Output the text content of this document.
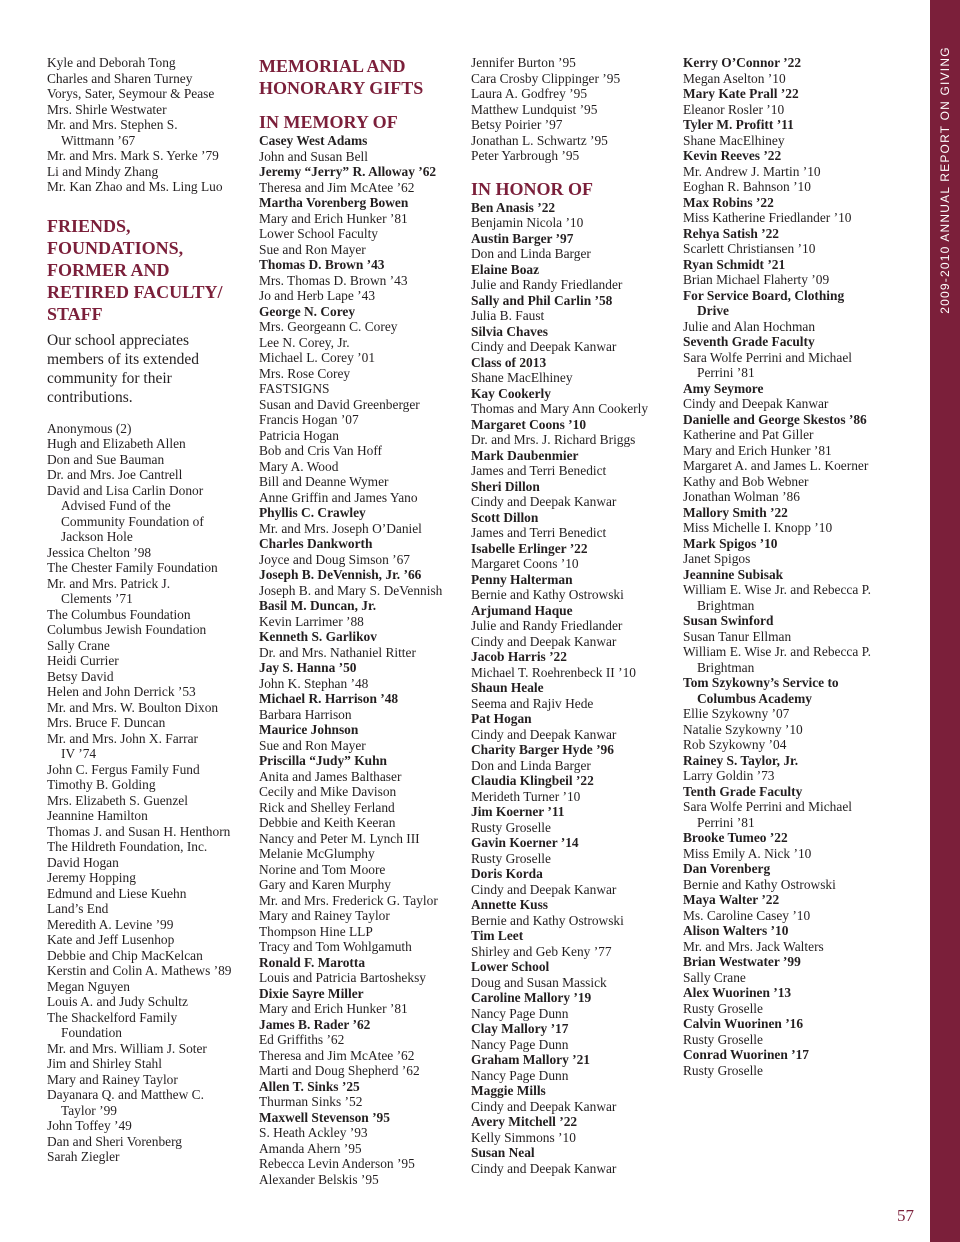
Kyle and Deborah Tong
Charles and Sharen Turney
Vorys, Sater, Seymour & Pease
Mrs. Shirle Westwater
Mr. and Mrs. Stephen S.
Wittmann ’67
Mr. and Mrs. Mark S. Yerke ’79
Li and Mindy Zhang
Mr. Kan Zhao and Ms. Ling Luo
FRIENDS,
FOUNDATIONS,
FORMER AND
RETIRED FACULTY/
STAFF
Our school appreciates
members of its extended
community for their
contributions.
Anonymous (2)
Hugh and Elizabeth Allen
Don and Sue Bauman
Dr. and Mrs. Joe Cantrell
David and Lisa Carlin Donor
Advised Fund of the
Community Foundation of
Jackson Hole
Jessica Chelton ’98
The Chester Family Foundation
Mr. and Mrs. Patrick J.
Clements ’71
The Columbus Foundation
Columbus Jewish Foundation
Sally Crane
Heidi Currier
Betsy David
Helen and John Derrick ’53
Mr. and Mrs. W. Boulton Dixon
Mrs. Bruce F. Duncan
Mr. and Mrs. John X. Farrar
IV ’74
John C. Fergus Family Fund
Timothy B. Golding
Mrs. Elizabeth S. Guenzel
Jeannine Hamilton
Thomas J. and Susan H. Henthorn
The Hildreth Foundation, Inc.
David Hogan
Jeremy Hopping
Edmund and Liese Kuehn
Land’s End
Meredith A. Levine ’99
Kate and Jeff Lusenhop
Debbie and Chip MacKelcan
Kerstin and Colin A. Mathews ’89
Megan Nguyen
Louis A. and Judy Schultz
The Shackelford Family
Foundation
Mr. and Mrs. William J. Soter
Jim and Shirley Stahl
Mary and Rainey Taylor
Dayanara Q. and Matthew C.
Taylor ’99
John Toffey ’49
Dan and Sheri Vorenberg
Sarah Ziegler
MEMORIAL AND
HONORARY GIFTS
IN MEMORY OF
Casey West Adams
John and Susan Bell
Jeremy “Jerry” R. Alloway ’62
Theresa and Jim McAtee ’62
Martha Vorenberg Bowen
Mary and Erich Hunker ’81
Lower School Faculty
Sue and Ron Mayer
Thomas D. Brown ’43
Mrs. Thomas D. Brown ’43
Jo and Herb Lape ’43
George N. Corey
Mrs. Georgeann C. Corey
Lee N. Corey, Jr.
Michael L. Corey ’01
Mrs. Rose Corey
FASTSIGNS
Susan and David Greenberger
Francis Hogan ’07
Patricia Hogan
Bob and Cris Van Hoff
Mary A. Wood
Bill and Deanne Wymer
Anne Griffin and James Yano
Phyllis C. Crawley
Mr. and Mrs. Joseph O’Daniel
Charles Dankworth
Joyce and Doug Simson ’67
Joseph B. DeVennish, Jr. ’66
Joseph B. and Mary S. DeVennish
Basil M. Duncan, Jr.
Kevin Larrimer ’88
Kenneth S. Garlikov
Dr. and Mrs. Nathaniel Ritter
Jay S. Hanna ’50
John K. Stephan ’48
Michael R. Harrison ’48
Barbara Harrison
Maurice Johnson
Sue and Ron Mayer
Priscilla “Judy” Kuhn
Anita and James Balthaser
Cecily and Mike Davison
Rick and Shelley Ferland
Debbie and Keith Keeran
Nancy and Peter M. Lynch III
Melanie McGlumphy
Norine and Tom Moore
Gary and Karen Murphy
Mr. and Mrs. Frederick G. Taylor
Mary and Rainey Taylor
Thompson Hine LLP
Tracy and Tom Wohlgamuth
Ronald F. Marotta
Louis and Patricia Bartosheksy
Dixie Sayre Miller
Mary and Erich Hunker ’81
James B. Rader ’62
Ed Griffiths ’62
Theresa and Jim McAtee ’62
Marti and Doug Shepherd ’62
Allen T. Sinks ’25
Thurman Sinks ’52
Maxwell Stevenson ’95
S. Heath Ackley ’93
Amanda Ahern ’95
Rebecca Levin Anderson ’95
Alexander Belskis ’95
Jennifer Burton ’95
Cara Crosby Clippinger ’95
Laura A. Godfrey ’95
Matthew Lundquist ’95
Betsy Poirier ’97
Jonathan L. Schwartz ’95
Peter Yarbrough ’95
IN HONOR OF
Ben Anasis ’22
Benjamin Nicola ’10
Austin Barger ’97
Don and Linda Barger
Elaine Boaz
Julie and Randy Friedlander
Sally and Phil Carlin ’58
Julia B. Faust
Silvia Chaves
Cindy and Deepak Kanwar
Class of 2013
Shane MacElhiney
Kay Cookerly
Thomas and Mary Ann Cookerly
Margaret Coons ’10
Dr. and Mrs. J. Richard Briggs
Mark Daubenmier
James and Terri Benedict
Sheri Dillon
Cindy and Deepak Kanwar
Scott Dillon
James and Terri Benedict
Isabelle Erlinger ’22
Margaret Coons ’10
Penny Halterman
Bernie and Kathy Ostrowski
Arjumand Haque
Julie and Randy Friedlander
Cindy and Deepak Kanwar
Jacob Harris ’22
Michael T. Roehrenbeck II ’10
Shaun Heale
Seema and Rajiv Hede
Pat Hogan
Cindy and Deepak Kanwar
Charity Barger Hyde ’96
Don and Linda Barger
Claudia Klingbeil ’22
Merideth Turner ’10
Jim Koerner ’11
Rusty Groselle
Gavin Koerner ’14
Rusty Groselle
Doris Korda
Cindy and Deepak Kanwar
Annette Kuss
Bernie and Kathy Ostrowski
Tim Leet
Shirley and Geb Keny ’77
Lower School
Doug and Susan Massick
Caroline Mallory ’19
Nancy Page Dunn
Clay Mallory ’17
Nancy Page Dunn
Graham Mallory ’21
Nancy Page Dunn
Maggie Mills
Cindy and Deepak Kanwar
Avery Mitchell ’22
Kelly Simmons ’10
Susan Neal
Cindy and Deepak Kanwar
Kerry O’Connor ’22
Megan Aselton ’10
Mary Kate Prall ’22
Eleanor Rosler ’10
Tyler M. Profitt ’11
Shane MacElhiney
Kevin Reeves ’22
Mr. Andrew J. Martin ’10
Eoghan R. Bahnson ’10
Max Robins ’22
Miss Katherine Friedlander ’10
Rehya Satish ’22
Scarlett Christiansen ’10
Ryan Schmidt ’21
Brian Michael Flaherty ’09
For Service Board, Clothing
Drive
Julie and Alan Hochman
Seventh Grade Faculty
Sara Wolfe Perrini and Michael
Perrini ’81
Amy Seymore
Cindy and Deepak Kanwar
Danielle and George Skestos ’86
Katherine and Pat Giller
Mary and Erich Hunker ’81
Margaret A. and James L. Koerner
Kathy and Bob Webner
Jonathan Wolman ’86
Mallory Smith ’22
Miss Michelle I. Knopp ’10
Mark Spigos ’10
Janet Spigos
Jeannine Subisak
William E. Wise Jr. and Rebecca P.
Brightman
Susan Swinford
Susan Tanur Ellman
William E. Wise Jr. and Rebecca P.
Brightman
Tom Szykowny’s Service to
Columbus Academy
Ellie Szykowny ’07
Natalie Szykowny ’10
Rob Szykowny ’04
Rainey S. Taylor, Jr.
Larry Goldin ’73
Tenth Grade Faculty
Sara Wolfe Perrini and Michael
Perrini ’81
Brooke Tumeo ’22
Miss Emily A. Nick ’10
Dan Vorenberg
Bernie and Kathy Ostrowski
Maya Walter ’22
Ms. Caroline Casey ’10
Alison Walters ’10
Mr. and Mrs. Jack Walters
Brian Westwater ’99
Sally Crane
Alex Wuorinen ’13
Rusty Groselle
Calvin Wuorinen ’16
Rusty Groselle
Conrad Wuorinen ’17
Rusty Groselle
2009-2010 ANNUAL REPORT ON GIVING
57
